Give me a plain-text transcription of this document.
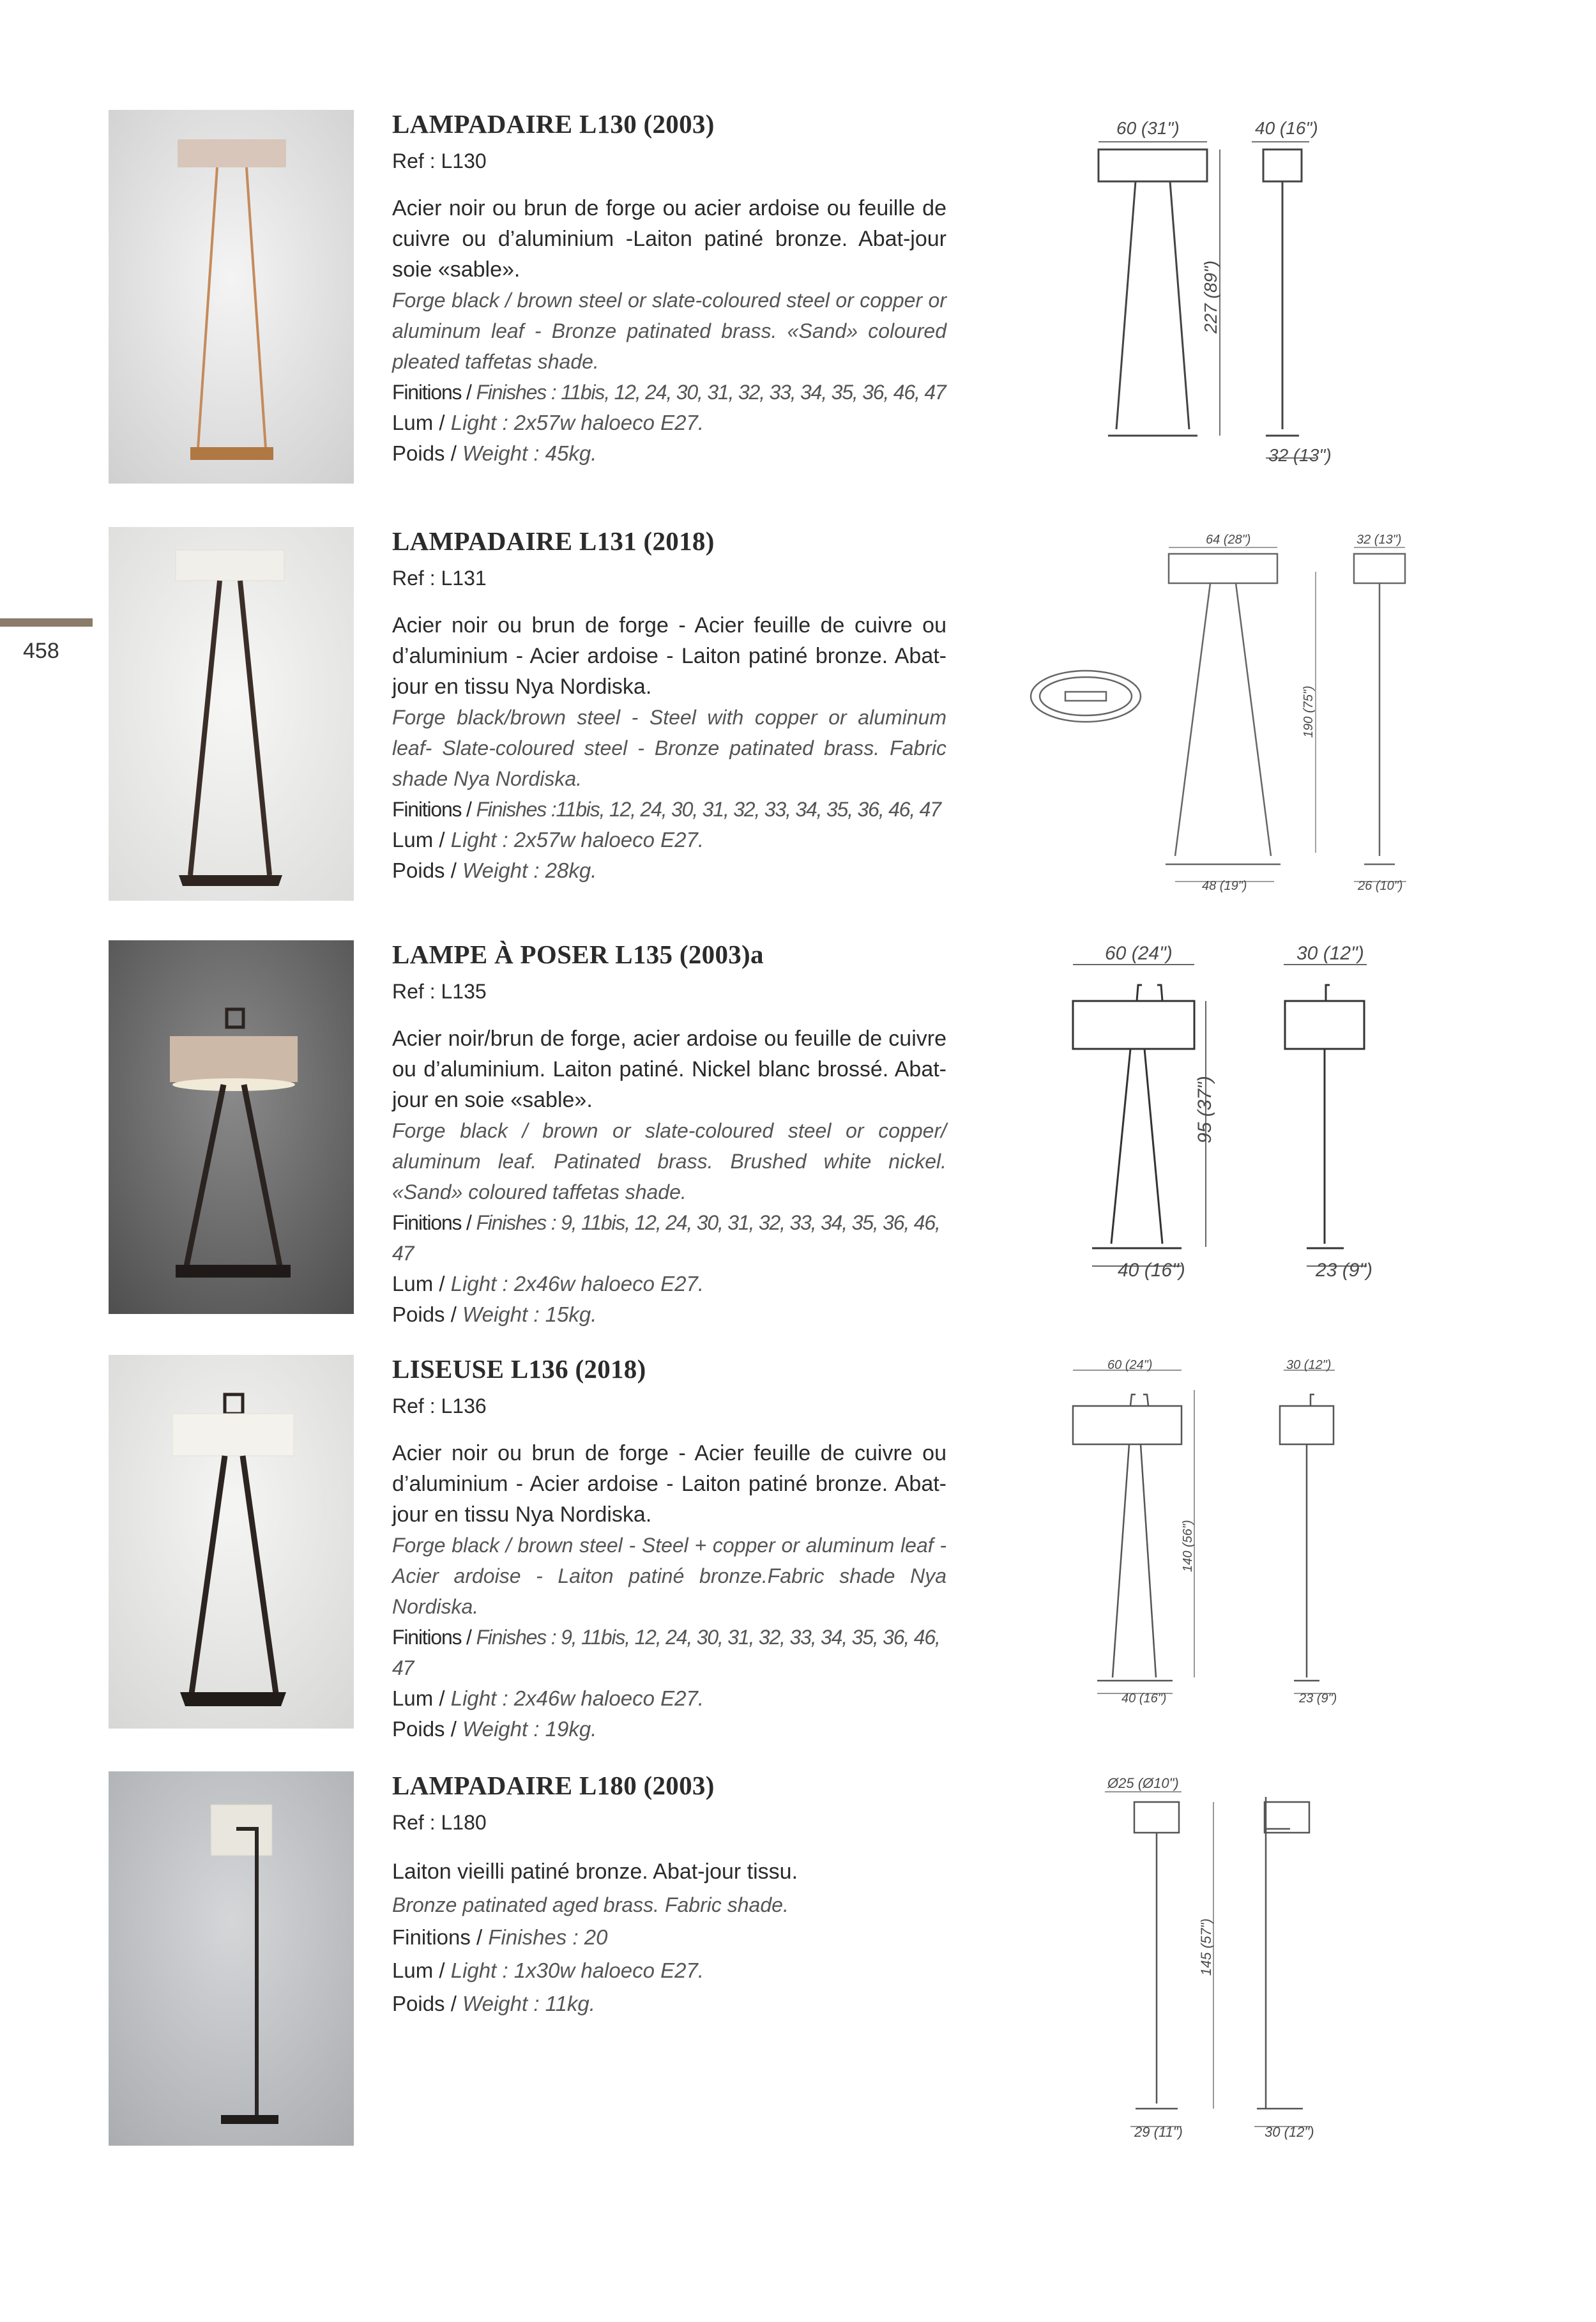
458
LAMPADAIRE L130 (2003)

Ref : L130

Acier noir ou brun de forge ou acier ardoise ou feuille de cuivre ou d’aluminium -Laiton patiné bronze. Abat-jour soie «sable».

Forge black / brown steel or slate-coloured steel or copper or aluminum leaf - Bronze patinated brass. «Sand» coloured pleated taffetas shade.

Finitions / Finishes : 11bis, 12, 24, 30, 31, 32, 33, 34, 35, 36, 46, 47

Lum / Light : 2x57w haloeco E27.

Poids / Weight : 45kg.

60 (31")
227 (89")
40 (16")
32 (13")
LAMPADAIRE L131 (2018)

Ref : L131

Acier noir ou brun de forge - Acier feuille de cuivre ou d’aluminium - Acier ardoise - Laiton patiné bronze. Abat-jour en tissu Nya Nordiska.

Forge black/brown steel - Steel with copper or aluminum leaf- Slate-coloured steel - Bronze patinated brass. Fabric shade Nya Nordiska.

Finitions / Finishes :11bis, 12, 24, 30, 31, 32, 33, 34, 35, 36, 46, 47

Lum / Light : 2x57w haloeco E27.

Poids / Weight : 28kg.

64 (28")
48 (19")
190 (75")
32 (13")
26 (10")
LAMPE À POSER L135 (2003)a

Ref : L135

Acier noir/brun de forge, acier ardoise ou feuille de cuivre ou d’aluminium. Laiton patiné. Nickel blanc brossé. Abat-jour en soie «sable».

Forge black / brown or slate-coloured steel or copper/ aluminum leaf. Patinated brass. Brushed white nickel. «Sand» coloured taffetas shade.

Finitions / Finishes : 9, 11bis, 12, 24, 30, 31, 32, 33, 34, 35, 36, 46, 47

Lum / Light : 2x46w haloeco E27.

Poids / Weight : 15kg.

60 (24")
40 (16")
95 (37")
30 (12")
23 (9")
LISEUSE L136 (2018)

Ref : L136

Acier noir ou brun de forge - Acier feuille de cuivre ou d’aluminium - Acier ardoise - Laiton patiné bronze. Abat-jour en tissu Nya Nordiska.

Forge black / brown steel - Steel + copper or aluminum leaf - Acier ardoise - Laiton patiné bronze.Fabric shade Nya Nordiska.

Finitions / Finishes : 9, 11bis, 12, 24, 30, 31, 32, 33, 34, 35, 36, 46, 47

Lum / Light : 2x46w haloeco E27.

Poids / Weight : 19kg.

60 (24")
40 (16")
140 (56")
30 (12")
23 (9")
LAMPADAIRE L180 (2003)

Ref : L180

Laiton vieilli patiné bronze. Abat-jour tissu.

Bronze patinated aged brass. Fabric shade.

Finitions / Finishes : 20

Lum / Light : 1x30w haloeco E27.

Poids / Weight : 11kg.

Ø25 (Ø10")
29 (11")
145 (57")
30 (12")
